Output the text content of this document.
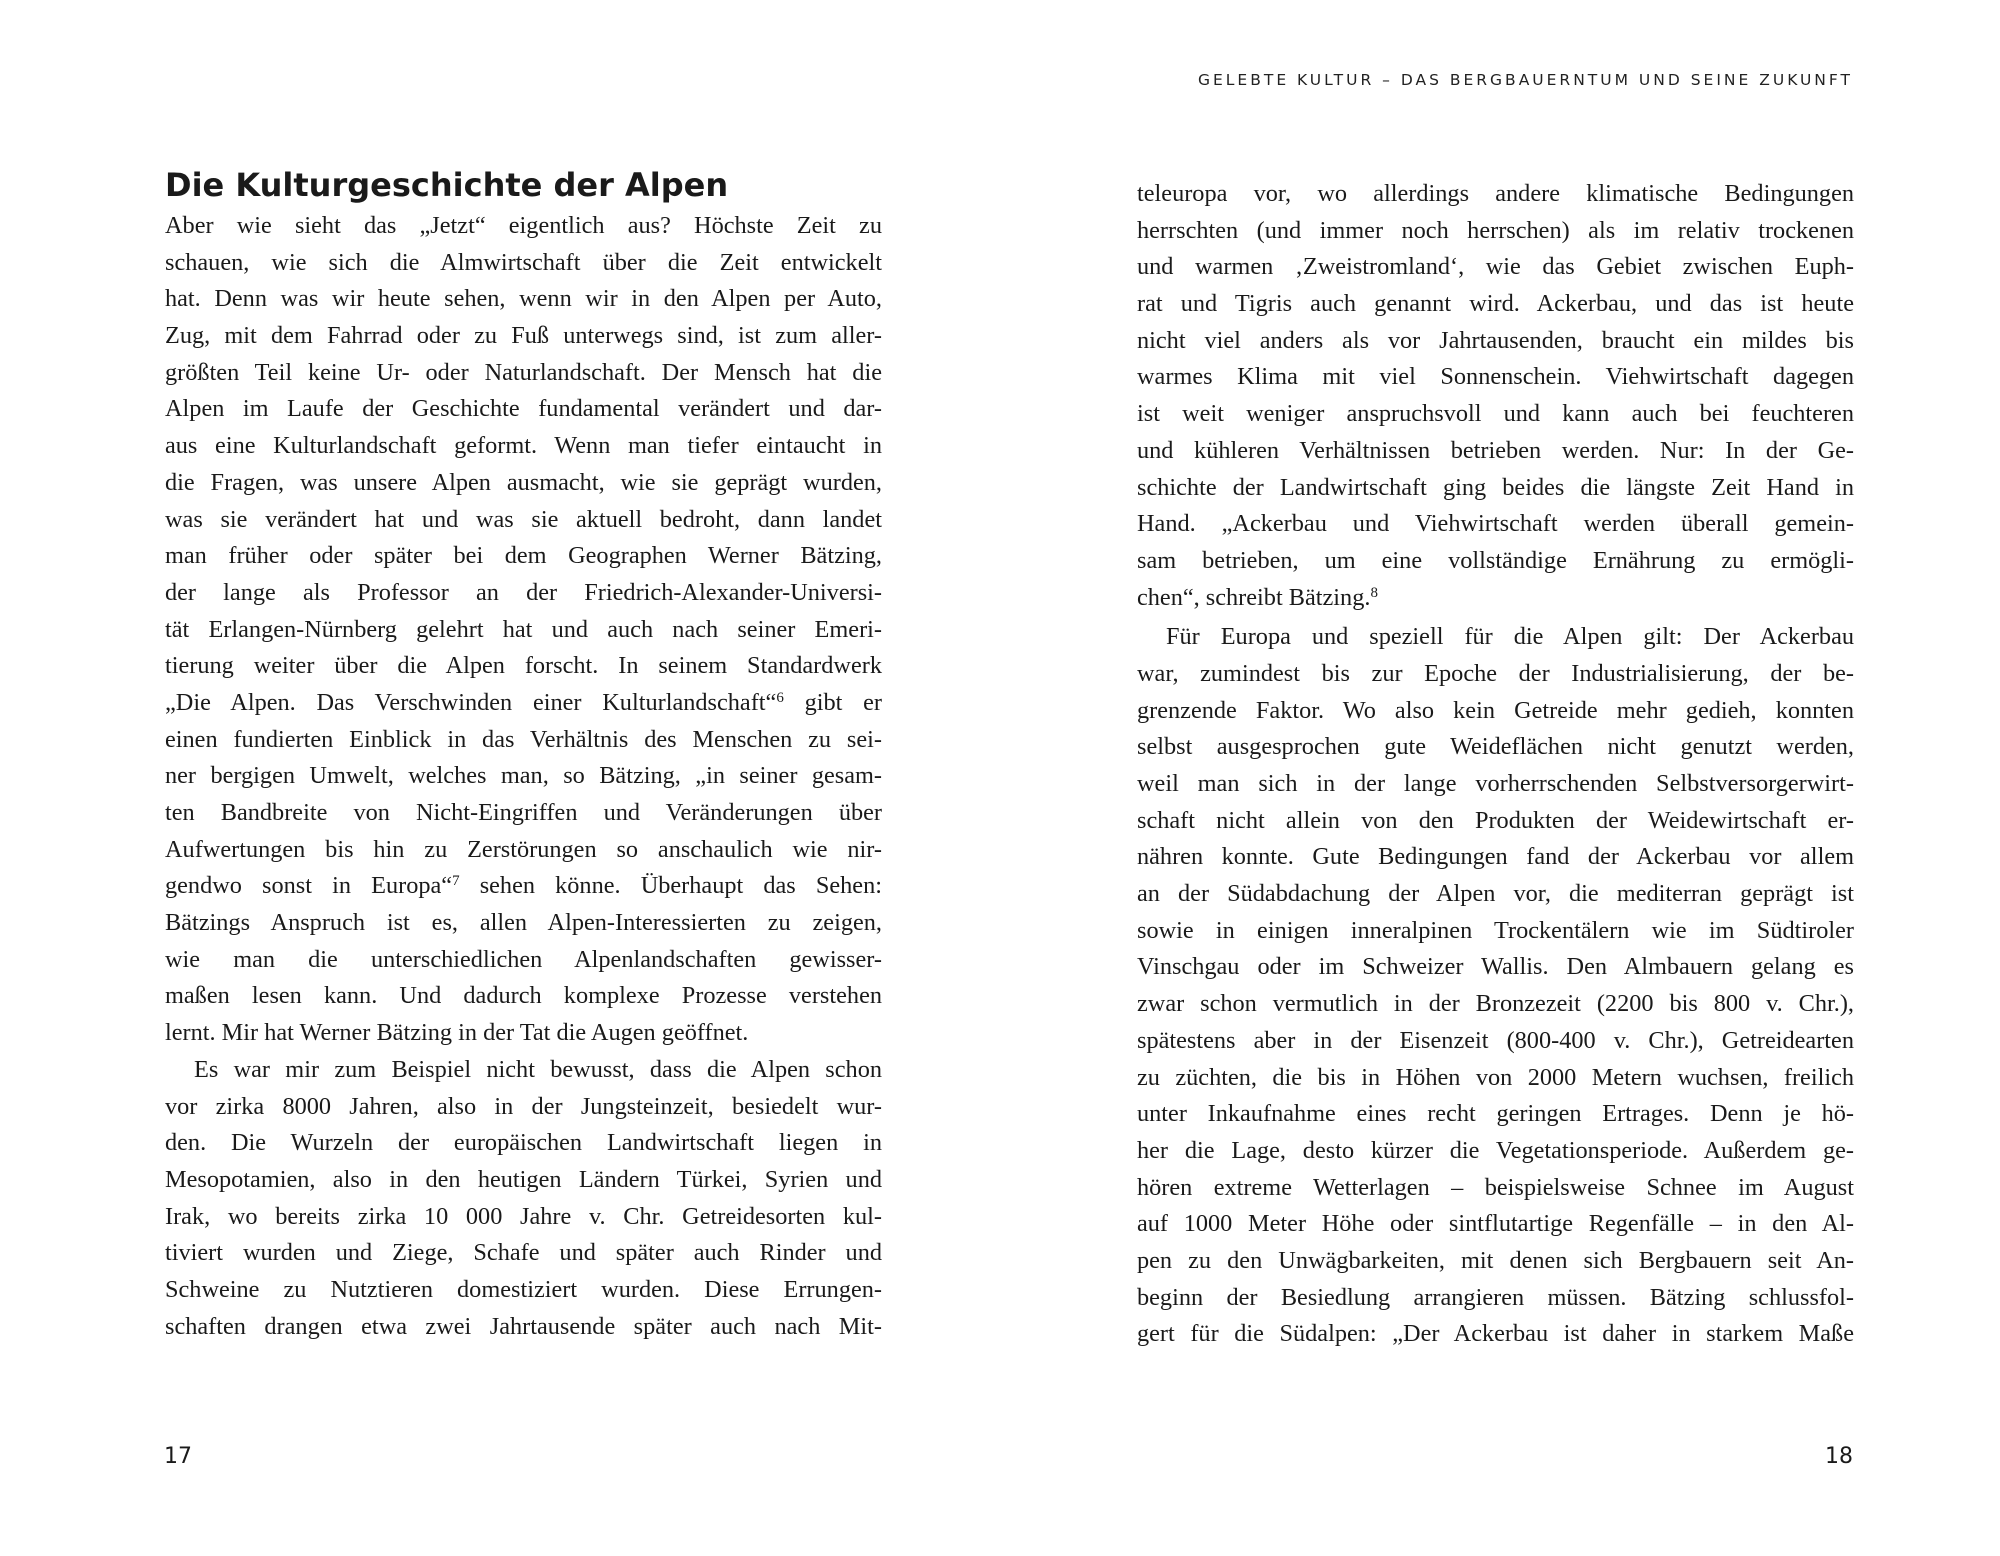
GELEBTE KULTUR – DAS BERGBAUERNTUM UND SEINE ZUKUNFT
Die Kulturgeschichte der Alpen
Aber wie sieht das „Jetzt“ eigentlich aus? Höchste Zeit zu
schauen, wie sich die Almwirtschaft über die Zeit entwickelt
hat. Denn was wir heute sehen, wenn wir in den Alpen per Auto,
Zug, mit dem Fahrrad oder zu Fuß unterwegs sind, ist zum aller-
größten Teil keine Ur- oder Naturlandschaft. Der Mensch hat die
Alpen im Laufe der Geschichte fundamental verändert und dar-
aus eine Kulturlandschaft geformt. Wenn man tiefer eintaucht in
die Fragen, was unsere Alpen ausmacht, wie sie geprägt wurden,
was sie verändert hat und was sie aktuell bedroht, dann landet
man früher oder später bei dem Geographen Werner Bätzing,
der lange als Professor an der Friedrich-Alexander-Universi-
tät Erlangen-Nürnberg gelehrt hat und auch nach seiner Emeri-
tierung weiter über die Alpen forscht. In seinem Standardwerk
„Die Alpen. Das Verschwinden einer Kulturlandschaft“$^6$ gibt er
einen fundierten Einblick in das Verhältnis des Menschen zu sei-
ner bergigen Umwelt, welches man, so Bätzing, „in seiner gesam-
ten Bandbreite von Nicht-Eingriffen und Veränderungen über
Aufwertungen bis hin zu Zerstörungen so anschaulich wie nir-
gendwo sonst in Europa“$^7$ sehen könne. Überhaupt das Sehen:
Bätzings Anspruch ist es, allen Alpen-Interessierten zu zeigen,
wie man die unterschiedlichen Alpenlandschaften gewisser-
maßen lesen kann. Und dadurch komplexe Prozesse verstehen
lernt. Mir hat Werner Bätzing in der Tat die Augen geöffnet.
Es war mir zum Beispiel nicht bewusst, dass die Alpen schon
vor zirka 8000 Jahren, also in der Jungsteinzeit, besiedelt wur-
den. Die Wurzeln der europäischen Landwirtschaft liegen in
Mesopotamien, also in den heutigen Ländern Türkei, Syrien und
Irak, wo bereits zirka 10 000 Jahre v. Chr. Getreidesorten kul-
tiviert wurden und Ziege, Schafe und später auch Rinder und
Schweine zu Nutztieren domestiziert wurden. Diese Errungen-
schaften drangen etwa zwei Jahrtausende später auch nach Mit-
teleuropa vor, wo allerdings andere klimatische Bedingungen
herrschten (und immer noch herrschen) als im relativ trockenen
und warmen ‚Zweistromland‘, wie das Gebiet zwischen Euph-
rat und Tigris auch genannt wird. Ackerbau, und das ist heute
nicht viel anders als vor Jahrtausenden, braucht ein mildes bis
warmes Klima mit viel Sonnenschein. Viehwirtschaft dagegen
ist weit weniger anspruchsvoll und kann auch bei feuchteren
und kühleren Verhältnissen betrieben werden. Nur: In der Ge-
schichte der Landwirtschaft ging beides die längste Zeit Hand in
Hand. „Ackerbau und Viehwirtschaft werden überall gemein-
sam betrieben, um eine vollständige Ernährung zu ermögli-
chen“, schreibt Bätzing.$^8$
Für Europa und speziell für die Alpen gilt: Der Ackerbau
war, zumindest bis zur Epoche der Industrialisierung, der be-
grenzende Faktor. Wo also kein Getreide mehr gedieh, konnten
selbst ausgesprochen gute Weideflächen nicht genutzt werden,
weil man sich in der lange vorherrschenden Selbstversorgerwirt-
schaft nicht allein von den Produkten der Weidewirtschaft er-
nähren konnte. Gute Bedingungen fand der Ackerbau vor allem
an der Südabdachung der Alpen vor, die mediterran geprägt ist
sowie in einigen inneralpinen Trockentälern wie im Südtiroler
Vinschgau oder im Schweizer Wallis. Den Almbauern gelang es
zwar schon vermutlich in der Bronzezeit (2200 bis 800 v. Chr.),
spätestens aber in der Eisenzeit (800-400 v. Chr.), Getreidearten
zu züchten, die bis in Höhen von 2000 Metern wuchsen, freilich
unter Inkaufnahme eines recht geringen Ertrages. Denn je hö-
her die Lage, desto kürzer die Vegetationsperiode. Außerdem ge-
hören extreme Wetterlagen – beispielsweise Schnee im August
auf 1000 Meter Höhe oder sintflutartige Regenfälle – in den Al-
pen zu den Unwägbarkeiten, mit denen sich Bergbauern seit An-
beginn der Besiedlung arrangieren müssen. Bätzing schlussfol-
gert für die Südalpen: „Der Ackerbau ist daher in starkem Maße
17	18
